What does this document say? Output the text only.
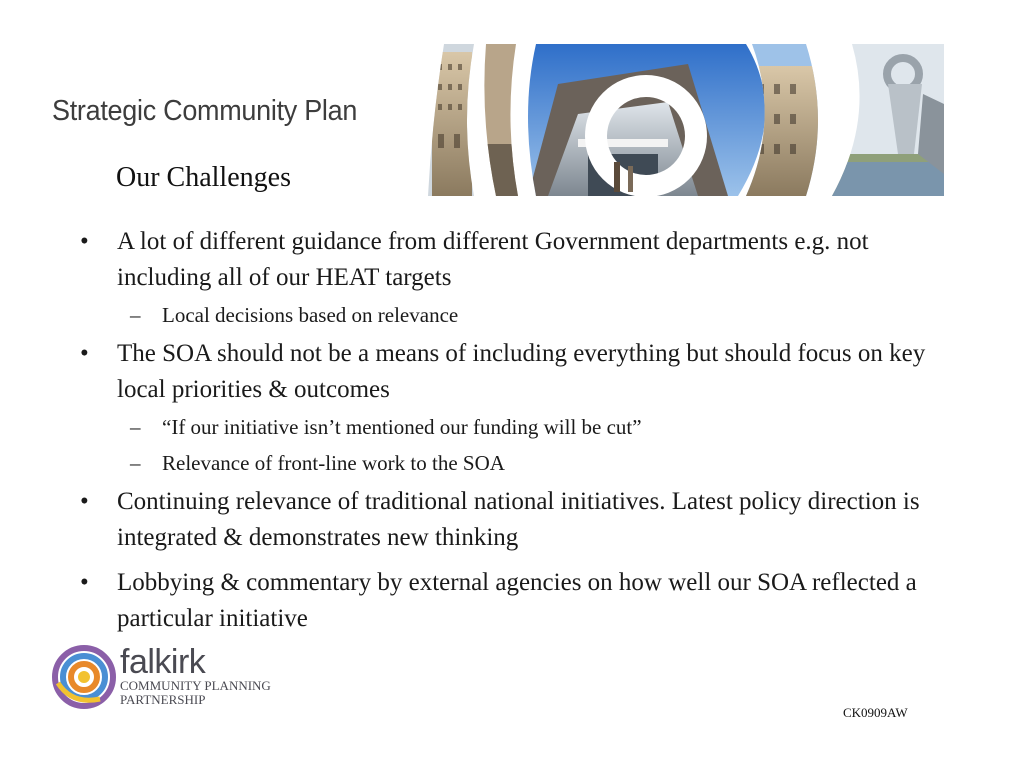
Strategic Community Plan
Our Challenges
• A lot of different guidance from different Government departments e.g. not including all of our HEAT targets
– Local decisions based on relevance
• The SOA should not be a means of including everything but should focus on key local priorities & outcomes
– “If our initiative isn’t mentioned our funding will be cut”
– Relevance of front-line work to the SOA
• Continuing relevance of traditional national initiatives. Latest policy direction is integrated & demonstrates new thinking
• Lobbying & commentary by external agencies on how well our SOA reflected a particular initiative
falkirk
COMMUNITY PLANNING
PARTNERSHIP
CK0909AW
